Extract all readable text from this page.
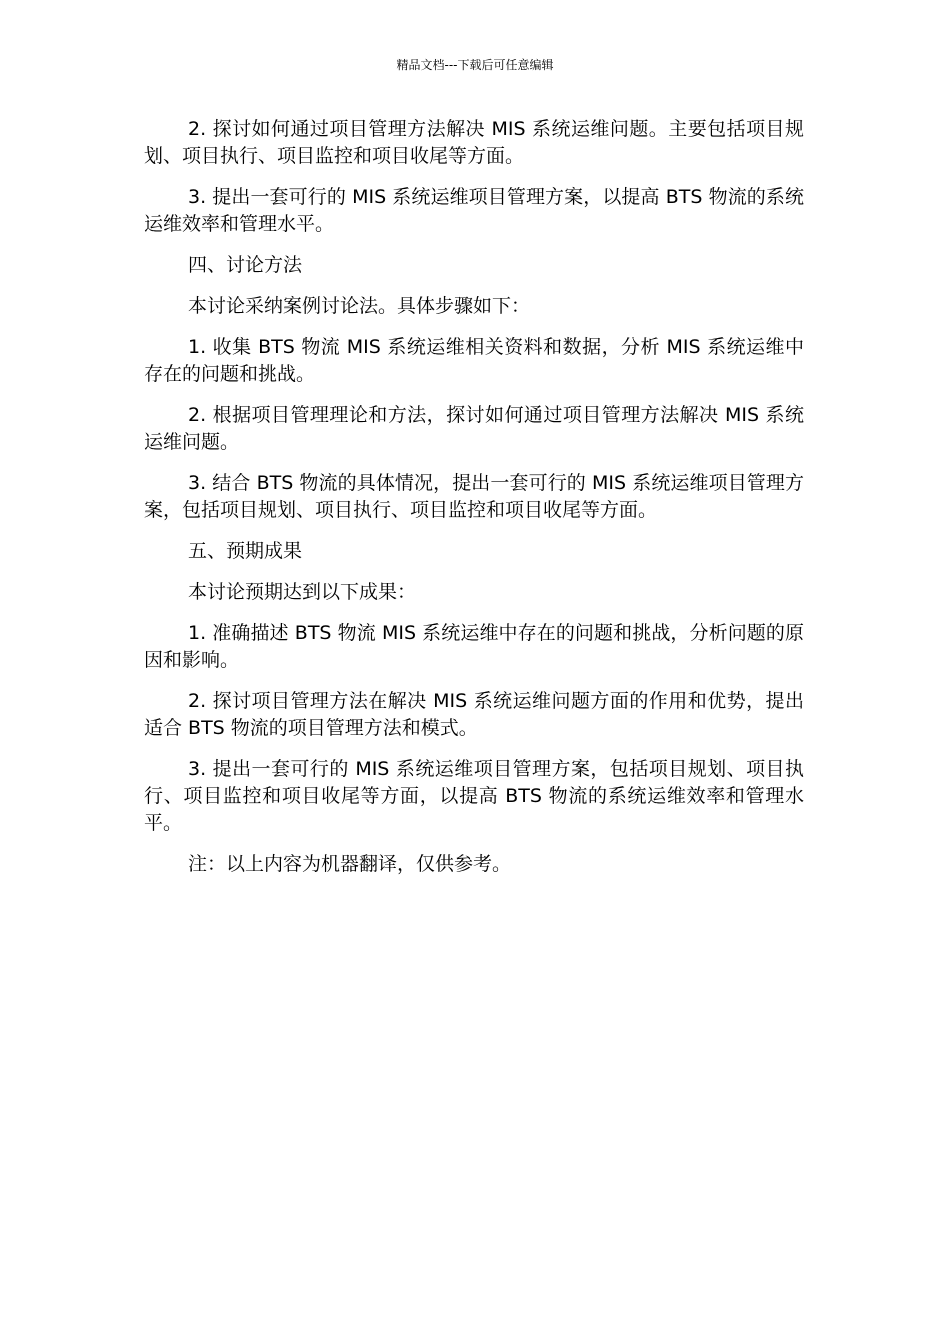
精品文档---下载后可任意编辑

2. 探讨如何通过项目管理方法解决 MIS 系统运维问题。主要包括项目规划、项目执行、项目监控和项目收尾等方面。

3. 提出一套可行的 MIS 系统运维项目管理方案，以提高 BTS 物流的系统运维效率和管理水平。

四、讨论方法

本讨论采纳案例讨论法。具体步骤如下：

1. 收集 BTS 物流 MIS 系统运维相关资料和数据，分析 MIS 系统运维中存在的问题和挑战。

2. 根据项目管理理论和方法，探讨如何通过项目管理方法解决 MIS 系统运维问题。

3. 结合 BTS 物流的具体情况，提出一套可行的 MIS 系统运维项目管理方案，包括项目规划、项目执行、项目监控和项目收尾等方面。

五、预期成果

本讨论预期达到以下成果：

1. 准确描述 BTS 物流 MIS 系统运维中存在的问题和挑战，分析问题的原因和影响。

2. 探讨项目管理方法在解决 MIS 系统运维问题方面的作用和优势，提出适合 BTS 物流的项目管理方法和模式。

3. 提出一套可行的 MIS 系统运维项目管理方案，包括项目规划、项目执行、项目监控和项目收尾等方面，以提高 BTS 物流的系统运维效率和管理水平。

注：以上内容为机器翻译，仅供参考。
